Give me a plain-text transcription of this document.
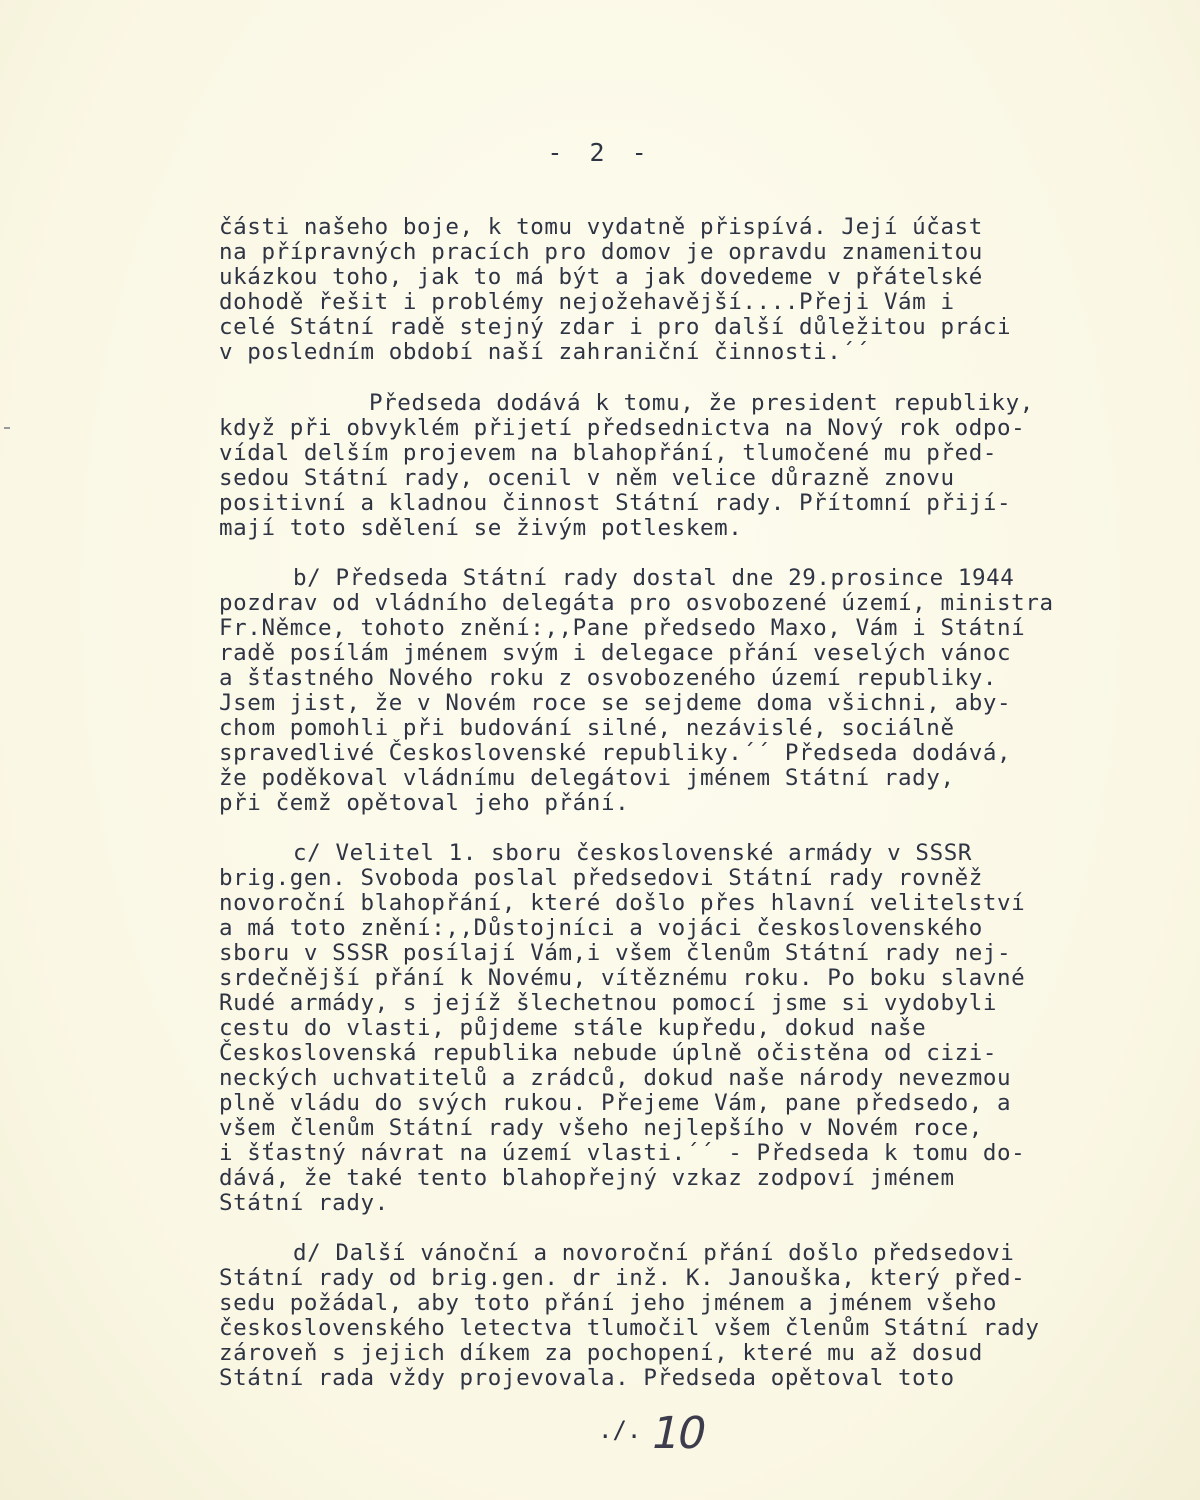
- 2 -
části našeho boje, k tomu vydatně přispívá. Její účast
na přípravných pracích pro domov je opravdu znamenitou
ukázkou toho, jak to má být a jak dovedeme v přátelské
dohodě řešit i problémy nejožehavější....Přeji Vám i
celé Státní radě stejný zdar i pro další důležitou práci
v posledním období naší zahraniční činnosti.´´
Předseda dodává k tomu, že president republiky,
když při obvyklém přijetí předsednictva na Nový rok odpo-
vídal delším projevem na blahopřání, tlumočené mu před-
sedou Státní rady, ocenil v něm velice důrazně znovu
positivní a kladnou činnost Státní rady. Přítomní přijí-
mají toto sdělení se živým potleskem.
b/ Předseda Státní rady dostal dne 29.prosince 1944
pozdrav od vládního delegáta pro osvobozené území, ministra
Fr.Němce, tohoto znění:,,Pane předsedo Maxo, Vám i Státní
radě posílám jménem svým i delegace přání veselých vánoc
a šťastného Nového roku z osvobozeného území republiky.
Jsem jist, že v Novém roce se sejdeme doma všichni, aby-
chom pomohli při budování silné, nezávislé, sociálně
spravedlivé Československé republiky.´´ Předseda dodává,
že poděkoval vládnímu delegátovi jménem Státní rady,
při čemž opětoval jeho přání.
c/ Velitel 1. sboru československé armády v SSSR
brig.gen. Svoboda poslal předsedovi Státní rady rovněž
novoroční blahopřání, které došlo přes hlavní velitelství
a má toto znění:,,Důstojníci a vojáci československého
sboru v SSSR posílají Vám,i všem členům Státní rady nej-
srdečnější přání k Novému, vítěznému roku. Po boku slavné
Rudé armády, s jejíž šlechetnou pomocí jsme si vydobyli
cestu do vlasti, půjdeme stále kupředu, dokud naše
Československá republika nebude úplně očistěna od cizi-
neckých uchvatitelů a zrádců, dokud naše národy nevezmou
plně vládu do svých rukou. Přejeme Vám, pane předsedo, a
všem členům Státní rady všeho nejlepšího v Novém roce,
i šťastný návrat na území vlasti.´´ - Předseda k tomu do-
dává, že také tento blahopřejný vzkaz zodpoví jménem
Státní rady.
d/ Další vánoční a novoroční přání došlo předsedovi
Státní rady od brig.gen. dr inž. K. Janouška, který před-
sedu požádal, aby toto přání jeho jménem a jménem všeho
československého letectva tlumočil všem členům Státní rady
zároveň s jejich díkem za pochopení, které mu až dosud
Státní rada vždy projevovala. Předseda opětoval toto
./. 10
